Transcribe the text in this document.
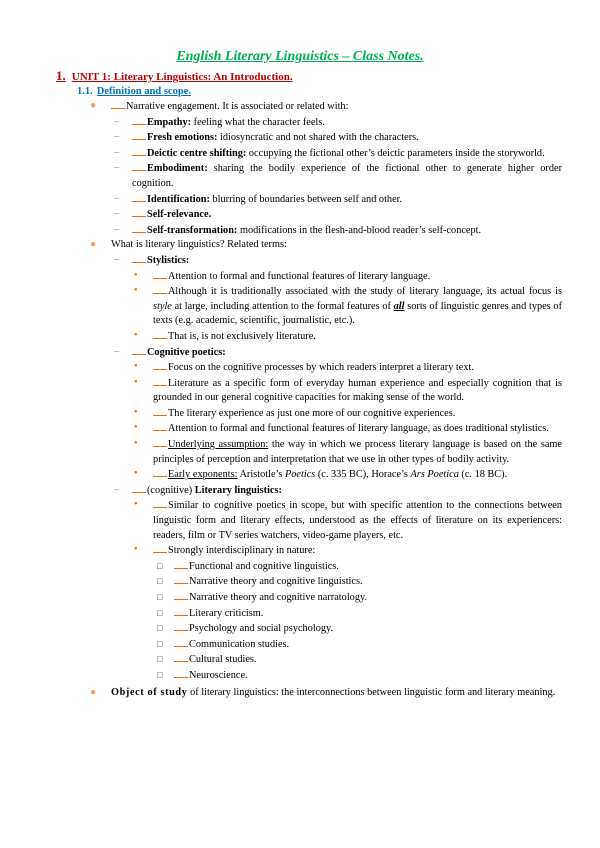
English Literary Linguistics – Class Notes.
1. UNIT 1: Literary Linguistics: An Introduction.
1.1. Definition and scope.
●	Narrative engagement. It is associated or related with:
–	Empathy: feeling what the character feels.
–	Fresh emotions: idiosyncratic and not shared with the characters.
–	Deictic centre shifting: occupying the fictional other’s deictic parameters inside the storyworld.
–	Embodiment: sharing the bodily experience of the fictional other to generate higher order cognition.
–	Identification: blurring of boundaries between self and other.
–	Self-relevance.
–	Self-transformation: modifications in the flesh-and-blood reader’s self-concept.
● What is literary linguistics? Related terms:
–	Stylistics:
•	Attention to formal and functional features of literary language.
•	Although it is traditionally associated with the study of literary language, its actual focus is style at large, including attention to the formal features of all sorts of linguistic genres and types of texts (e.g. academic, scientific, journalistic, etc.).
•	That is, is not exclusively literature.
–	Cognitive poetics:
•	Focus on the cognitive processes by which readers interpret a literary text.
•	Literature as a specific form of everyday human experience and especially cognition that is grounded in our general cognitive capacities for making sense of the world.
•	The literary experience as just one more of our cognitive experiences.
•	Attention to formal and functional features of literary language, as does traditional stylistics.
•	Underlying assumption: the way in which we process literary language is based on the same principles of perception and interpretation that we use in other types of bodily activity.
•	Early exponents: Aristotle’s Poetics (c. 335 BC), Horace’s Ars Poetica (c. 18 BC).
–	(cognitive) Literary linguistics:
•	Similar to cognitive poetics in scope, but with specific attention to the connections between linguistic form and literary effects, understood as the effects of literature on its experiencers: readers, film or TV series watchers, video-game players, etc.
•	Strongly interdisciplinary in nature:
□	Functional and cognitive linguistics.
□	Narrative theory and cognitive linguistics.
□	Narrative theory and cognitive narratology.
□	Literary criticism.
□	Psychology and social psychology.
□	Communication studies.
□	Cultural studies.
□	Neuroscience.
● Object of study of literary linguistics: the interconnections between linguistic form and literary meaning.
